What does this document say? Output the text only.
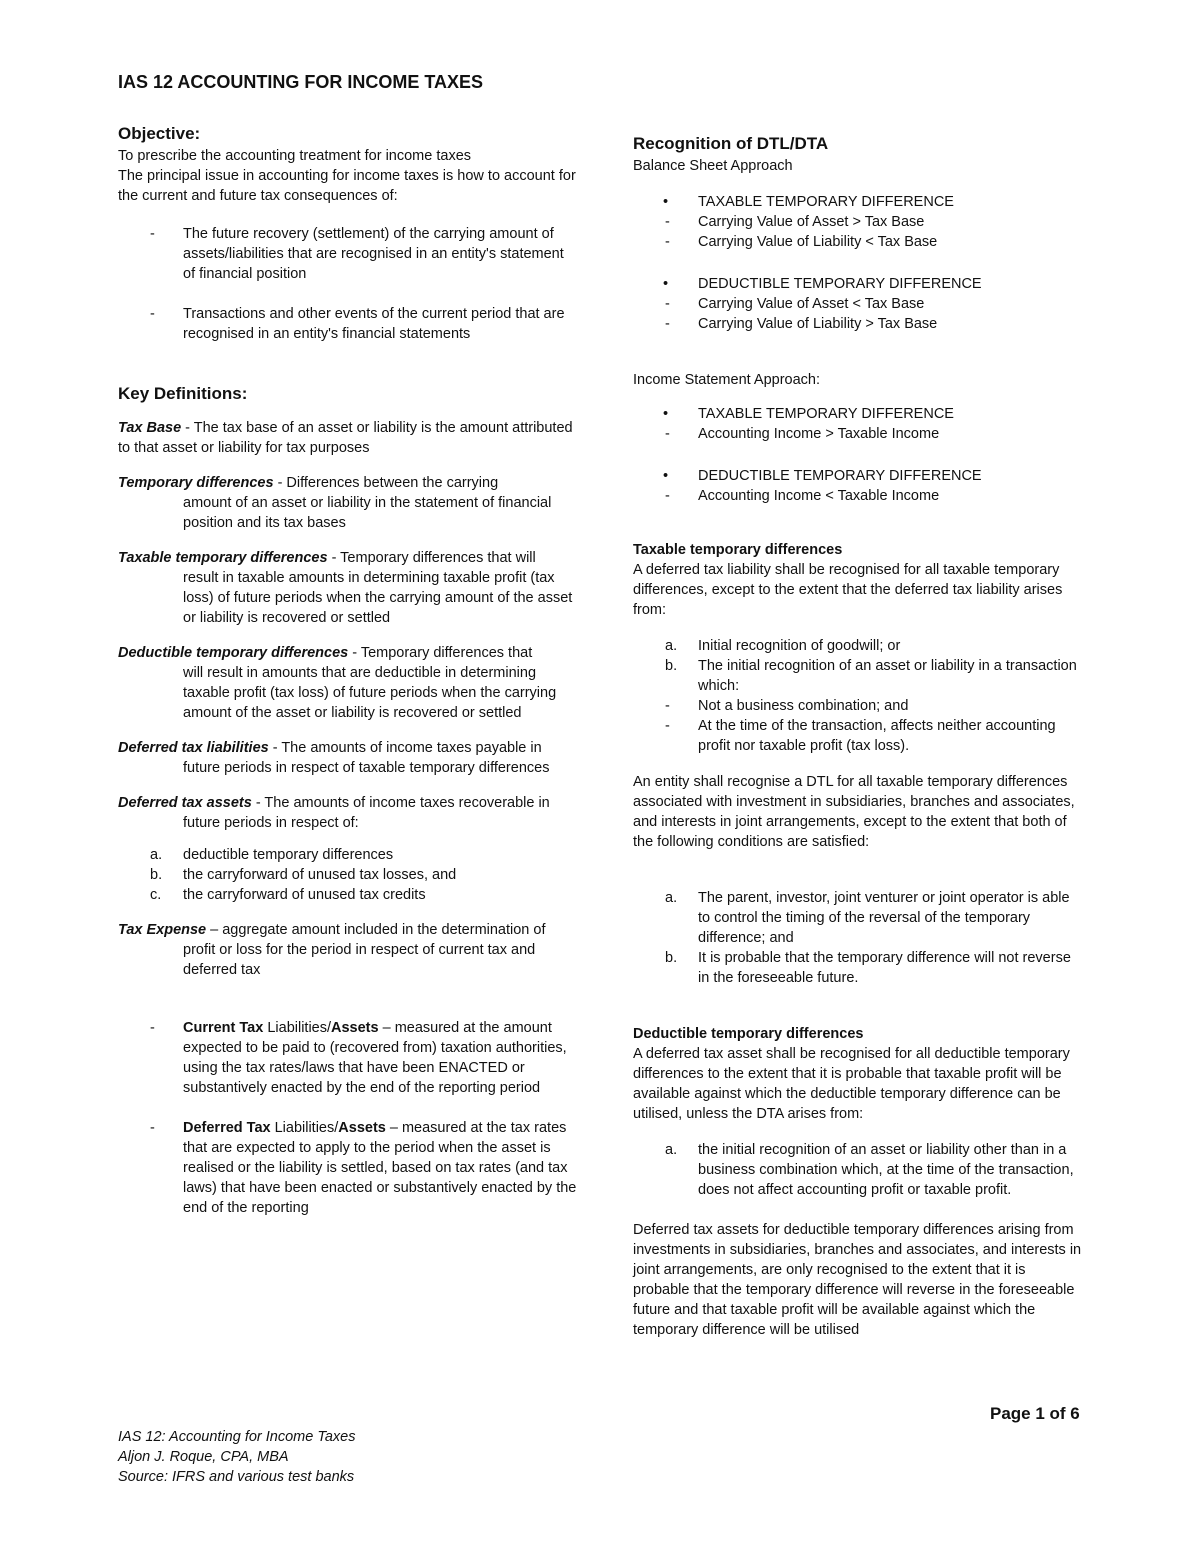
IAS 12 ACCOUNTING FOR INCOME TAXES
Objective:

To prescribe the accounting treatment for income taxes

The principal issue in accounting for income taxes is how to account for the current and future tax consequences of:

- The future recovery (settlement) of the carrying amount of assets/liabilities that are recognised in an entity's statement of financial position
- Transactions and other events of the current period that are recognised in an entity's financial statements
Key Definitions:

Tax Base - The tax base of an asset or liability is the amount attributed to that asset or liability for tax purposes

Temporary differences - Differences between the carrying
amount of an asset or liability in the statement of financial position and its tax bases

Taxable temporary differences - Temporary differences that will
result in taxable amounts in determining taxable profit (tax loss) of future periods when the carrying amount of the asset or liability is recovered or settled

Deductible temporary differences - Temporary differences that
will result in amounts that are deductible in determining taxable profit (tax loss) of future periods when the carrying amount of the asset or liability is recovered or settled

Deferred tax liabilities - The amounts of income taxes payable in
future periods in respect of taxable temporary differences

Deferred tax assets - The amounts of income taxes recoverable in
future periods in respect of:

a. deductible temporary differences
b. the carryforward of unused tax losses, and
c. the carryforward of unused tax credits

Tax Expense – aggregate amount included in the determination of
profit or loss for the period in respect of current tax and deferred tax

- Current Tax Liabilities/Assets – measured at the amount expected to be paid to (recovered from) taxation authorities, using the tax rates/laws that have been ENACTED or substantively enacted by the end of the reporting period
- Deferred Tax Liabilities/Assets – measured at the tax rates that are expected to apply to the period when the asset is realised or the liability is settled, based on tax rates (and tax laws) that have been enacted or substantively enacted by the end of the reporting
Recognition of DTL/DTA

Balance Sheet Approach

• TAXABLE TEMPORARY DIFFERENCE
- Carrying Value of Asset > Tax Base
- Carrying Value of Liability < Tax Base
• DEDUCTIBLE TEMPORARY DIFFERENCE
- Carrying Value of Asset < Tax Base
- Carrying Value of Liability > Tax Base

Income Statement Approach:

• TAXABLE TEMPORARY DIFFERENCE
- Accounting Income > Taxable Income
• DEDUCTIBLE TEMPORARY DIFFERENCE
- Accounting Income < Taxable Income

Taxable temporary differences

A deferred tax liability shall be recognised for all taxable temporary differences, except to the extent that the deferred tax liability arises from:

a. Initial recognition of goodwill; or
b. The initial recognition of an asset or liability in a transaction which:
- Not a business combination; and
- At the time of the transaction, affects neither accounting profit nor taxable profit (tax loss).

An entity shall recognise a DTL for all taxable temporary differences associated with investment in subsidiaries, branches and associates, and interests in joint arrangements, except to the extent that both of the following conditions are satisfied:

a. The parent, investor, joint venturer or joint operator is able to control the timing of the reversal of the temporary difference; and
b. It is probable that the temporary difference will not reverse in the foreseeable future.

Deductible temporary differences

A deferred tax asset shall be recognised for all deductible temporary differences to the extent that it is probable that taxable profit will be available against which the deductible temporary difference can be utilised, unless the DTA arises from:

a. the initial recognition of an asset or liability other than in a business combination which, at the time of the transaction, does not affect accounting profit or taxable profit.

Deferred tax assets for deductible temporary differences arising from investments in subsidiaries, branches and associates, and interests in joint arrangements, are only recognised to the extent that it is probable that the temporary difference will reverse in the foreseeable future and that taxable profit will be available against which the temporary difference will be utilised

Page 1 of 6

IAS 12: Accounting for Income Taxes

Aljon J. Roque, CPA, MBA

Source: IFRS and various test banks
